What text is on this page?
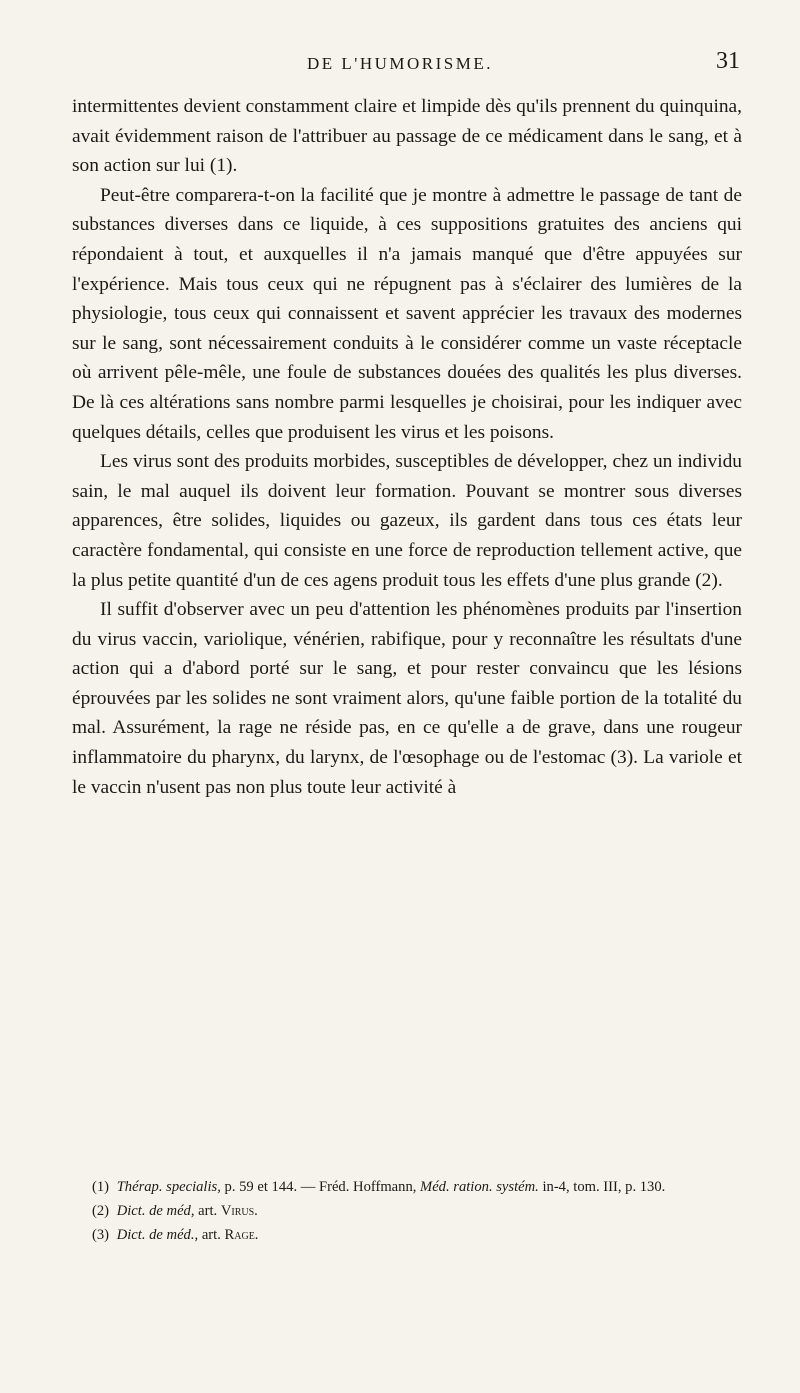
DE L'HUMORISME.	31

intermittentes devient constamment claire et limpide dès qu'ils prennent du quinquina, avait évidemment raison de l'attribuer au passage de ce médicament dans le sang, et à son action sur lui (1).

Peut-être comparera-t-on la facilité que je montre à admettre le passage de tant de substances diverses dans ce liquide, à ces suppositions gratuites des anciens qui répondaient à tout, et auxquelles il n'a jamais manqué que d'être appuyées sur l'expérience. Mais tous ceux qui ne répugnent pas à s'éclairer des lumières de la physiologie, tous ceux qui connaissent et savent apprécier les travaux des modernes sur le sang, sont nécessairement conduits à le considérer comme un vaste réceptacle où arrivent pêle-mêle, une foule de substances douées des qualités les plus diverses. De là ces altérations sans nombre parmi lesquelles je choisirai, pour les indiquer avec quelques détails, celles que produisent les virus et les poisons.

Les virus sont des produits morbides, susceptibles de développer, chez un individu sain, le mal auquel ils doivent leur formation. Pouvant se montrer sous diverses apparences, être solides, liquides ou gazeux, ils gardent dans tous ces états leur caractère fondamental, qui consiste en une force de reproduction tellement active, que la plus petite quantité d'un de ces agens produit tous les effets d'une plus grande (2).

Il suffit d'observer avec un peu d'attention les phénomènes produits par l'insertion du virus vaccin, variolique, vénérien, rabifique, pour y reconnaître les résultats d'une action qui a d'abord porté sur le sang, et pour rester convaincu que les lésions éprouvées par les solides ne sont vraiment alors, qu'une faible portion de la totalité du mal. Assurément, la rage ne réside pas, en ce qu'elle a de grave, dans une rougeur inflammatoire du pharynx, du larynx, de l'œsophage ou de l'estomac (3). La variole et le vaccin n'usent pas non plus toute leur activité à

(1) Thérap. specialis, p. 59 et 144. — Fréd. Hoffmann, Méd. ration. systém. in-4, tom. III, p. 130.

(2) Dict. de méd, art. Virus.

(3) Dict. de méd., art. Rage.
